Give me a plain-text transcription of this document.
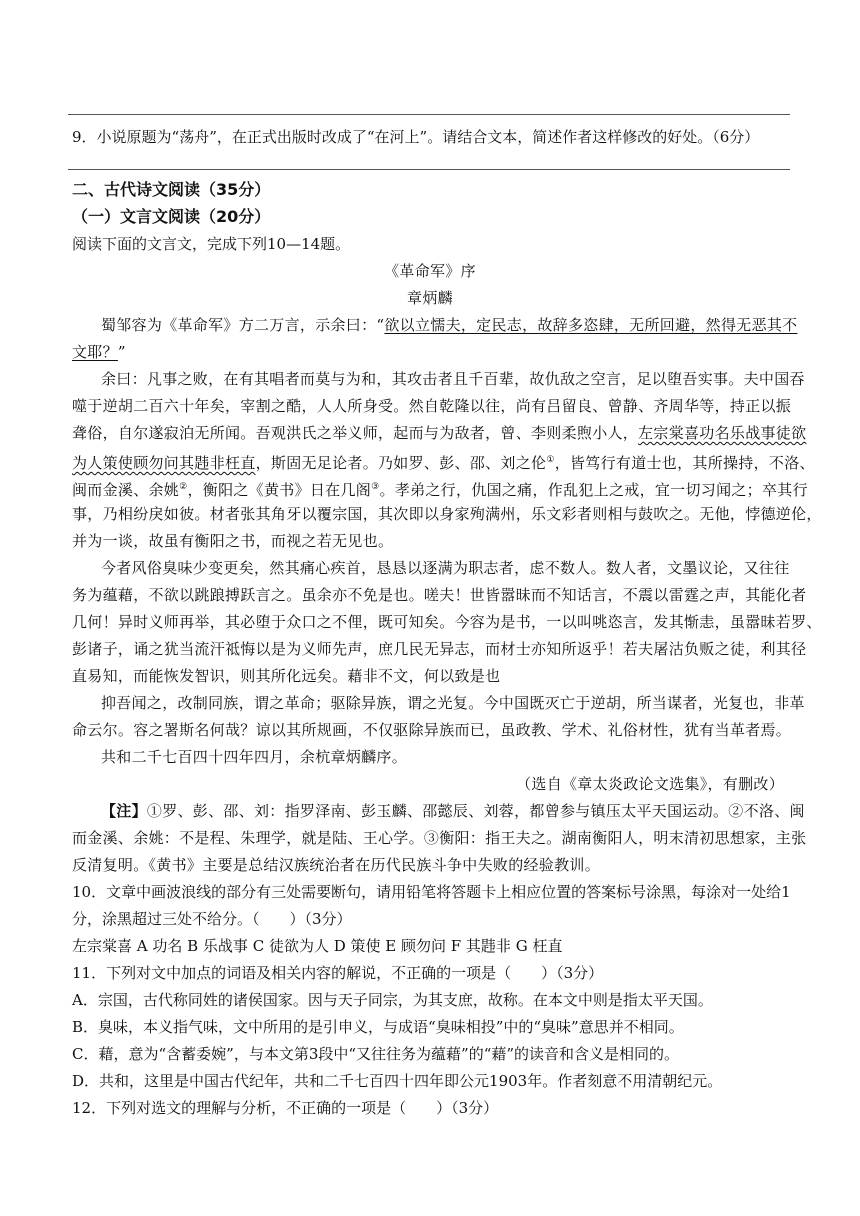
9．小说原题为“荡舟”，在正式出版时改成了“在河上”。请结合文本，简述作者这样修改的好处。（6分）
二、古代诗文阅读（35分）
（一）文言文阅读（20分）
阅读下面的文言文，完成下列10—14题。
《革命军》序
章炳麟
蜀邹容为《革命军》方二万言，示余曰：“欲以立懦夫，定民志，故辞多恣肆，无所回避，然得无恶其不
文耶？”
余曰：凡事之败，在有其唱者而莫与为和，其攻击者且千百辈，故仇敌之空言，足以堕吾实事。夫中国吞
噬于逆胡二百六十年矣，宰割之酷，人人所身受。然自乾隆以往，尚有吕留良、曾静、齐周华等，持正以振
聋俗，自尔遂寂泊无所闻。吾观洪氏之举义师，起而与为敌者，曾、李则柔煦小人，左宗棠喜功名乐战事徒欲
为人策使顾勿问其韪非枉直，斯固无足论者。乃如罗、彭、邵、刘之伦①，皆笃行有道士也，其所操持，不洛、
闽而金溪、余姚②，衡阳之《黄书》日在几阁③。孝弟之行，仇国之痛，作乱犯上之戒，宜一切习闻之；卒其行
事，乃相纷戾如彼。材者张其角牙以覆宗国，其次即以身家殉满州，乐文彩者则相与鼓吹之。无他，悖德逆伦，
并为一谈，故虽有衡阳之书，而视之若无见也。
今者风俗臭味少变更矣，然其痛心疾首，恳恳以逐满为职志者，虑不数人。数人者，文墨议论，又往往
务为蕴藉，不欲以跳踉搏跃言之。虽余亦不免是也。嗟夫！世皆嚣昧而不知话言，不震以雷霆之声，其能化者
几何！异时义师再举，其必堕于众口之不俚，既可知矣。今容为是书，一以叫咷恣言，发其惭恚，虽嚣昧若罗、
彭诸子，诵之犹当流汗祗悔以是为义师先声，庶几民无异志，而材士亦知所返乎！若夫屠沽负贩之徒，利其径
直易知，而能恢发智识，则其所化远矣。藉非不文，何以致是也
抑吾闻之，改制同族，谓之革命；驱除异族，谓之光复。今中国既灭亡于逆胡，所当谋者，光复也，非革
命云尔。容之署斯名何哉？谅以其所规画，不仅驱除异族而已，虽政教、学术、礼俗材性，犹有当革者焉。
共和二千七百四十四年四月，余杭章炳麟序。
（选自《章太炎政论文选集》，有删改）
【注】①罗、彭、邵、刘：指罗泽南、彭玉麟、邵懿辰、刘蓉，都曾参与镇压太平天国运动。②不洛、闽
而金溪、余姚：不是程、朱理学，就是陆、王心学。③衡阳：指王夫之。湖南衡阳人，明末清初思想家，主张
反清复明。《黄书》主要是总结汉族统治者在历代民族斗争中失败的经验教训。
10．文章中画波浪线的部分有三处需要断句，请用铅笔将答题卡上相应位置的答案标号涂黑，每涂对一处给1
分，涂黑超过三处不给分。（　　）（3分）
左宗棠喜 A 功名 B 乐战事 C 徒欲为人 D 策使 E 顾勿问 F 其韪非 G 枉直
11．下列对文中加点的词语及相关内容的解说，不正确的一项是（　　）（3分）
A．宗国，古代称同姓的诸侯国家。因与天子同宗，为其支庶，故称。在本文中则是指太平天国。
B．臭味，本义指气味，文中所用的是引申义，与成语“臭味相投”中的“臭味”意思并不相同。
C．藉，意为“含蓄委婉”，与本文第3段中“又往往务为蕴藉”的“藉”的读音和含义是相同的。
D．共和，这里是中国古代纪年，共和二千七百四十四年即公元1903年。作者刻意不用清朝纪元。
12．下列对选文的理解与分析，不正确的一项是（　　）（3分）
